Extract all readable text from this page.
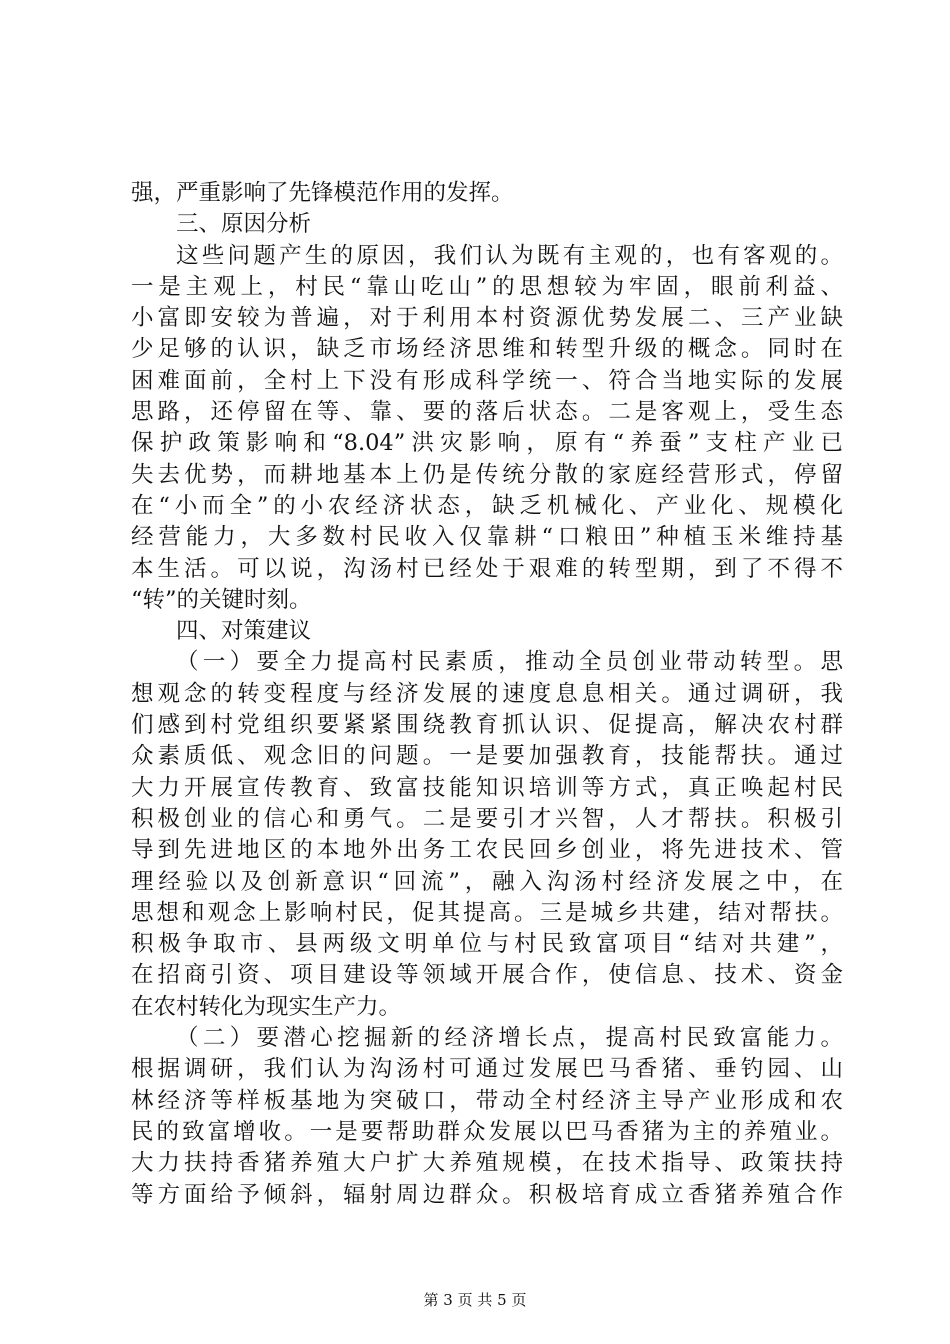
强，严重影响了先锋模范作用的发挥。
三、原因分析
这些问题产生的原因，我们认为既有主观的，也有客观的。
一是主观上，村民“靠山吃山”的思想较为牢固，眼前利益、
小富即安较为普遍，对于利用本村资源优势发展二、三产业缺
少足够的认识，缺乏市场经济思维和转型升级的概念。同时在
困难面前，全村上下没有形成科学统一、符合当地实际的发展
思路，还停留在等、靠、要的落后状态。二是客观上，受生态
保护政策影响和“8.04”洪灾影响，原有“养蚕”支柱产业已
失去优势，而耕地基本上仍是传统分散的家庭经营形式，停留
在“小而全”的小农经济状态，缺乏机械化、产业化、规模化
经营能力，大多数村民收入仅靠耕“口粮田”种植玉米维持基
本生活。可以说，沟汤村已经处于艰难的转型期，到了不得不
“转”的关键时刻。
四、对策建议
（一）要全力提高村民素质，推动全员创业带动转型。思
想观念的转变程度与经济发展的速度息息相关。通过调研，我
们感到村党组织要紧紧围绕教育抓认识、促提高，解决农村群
众素质低、观念旧的问题。一是要加强教育，技能帮扶。通过
大力开展宣传教育、致富技能知识培训等方式，真正唤起村民
积极创业的信心和勇气。二是要引才兴智，人才帮扶。积极引
导到先进地区的本地外出务工农民回乡创业，将先进技术、管
理经验以及创新意识“回流”，融入沟汤村经济发展之中，在
思想和观念上影响村民，促其提高。三是城乡共建，结对帮扶。
积极争取市、县两级文明单位与村民致富项目“结对共建”，
在招商引资、项目建设等领域开展合作，使信息、技术、资金
在农村转化为现实生产力。
（二）要潜心挖掘新的经济增长点，提高村民致富能力。
根据调研，我们认为沟汤村可通过发展巴马香猪、垂钓园、山
林经济等样板基地为突破口，带动全村经济主导产业形成和农
民的致富增收。一是要帮助群众发展以巴马香猪为主的养殖业。
大力扶持香猪养殖大户扩大养殖规模，在技术指导、政策扶持
等方面给予倾斜，辐射周边群众。积极培育成立香猪养殖合作
第 3 页 共 5 页
